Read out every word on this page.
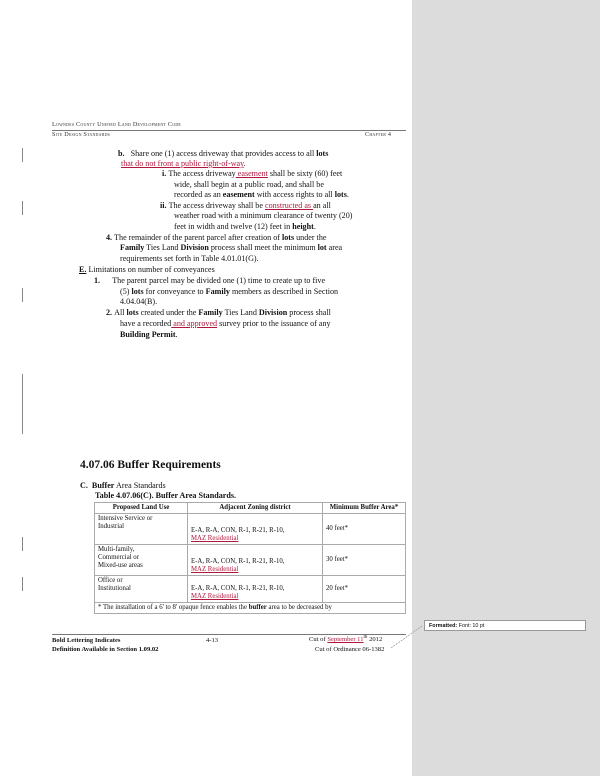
Lowndes County Unified Land Development Code
Site Design Standards	Chapter 4
b. Share one (1) access driveway that provides access to all lots
that do not front a public right-of-way.
i. The access driveway easement shall be sixty (60) feet
wide, shall begin at a public road, and shall be
recorded as an easement with access rights to all lots.
ii. The access driveway shall be constructed as an all
weather road with a minimum clearance of twenty (20)
feet in width and twelve (12) feet in height.
4. The remainder of the parent parcel after creation of lots under the
Family Ties Land Division process shall meet the minimum lot area
requirements set forth in Table 4.01.01(G).
E. Limitations on number of conveyances
1. The parent parcel may be divided one (1) time to create up to five
(5) lots for conveyance to Family members as described in Section
4.04.04(B).
2. All lots created under the Family Ties Land Division process shall
have a recorded and approved survey prior to the issuance of any
Building Permit.
4.07.06 Buffer Requirements
C. Buffer Area Standards
Table 4.07.06(C). Buffer Area Standards.
Proposed Land Use	Adjacent Zoning district	Minimum Buffer Area*
Intensive Service or
Industrial	E-A, R-A, CON, R-1, R-21, R-10,
MAZ Residential	40 feet*
Multi-family,
Commercial or
Mixed-use areas	E-A, R-A, CON, R-1, R-21, R-10,
MAZ Residential	30 feet*
Office or
Institutional	E-A, R-A, CON, R-1, R-21, R-10,
MAZ Residential	20 feet*
* The installation of a 6' to 8' opaque fence enables the buffer area to be decreased by		
Formatted: Font: 10 pt
Bold Lettering Indicates
Definition Available in Section 1.09.02
4-13	Cut of September 11th 2012
Cut of Ordinance 06-1382
